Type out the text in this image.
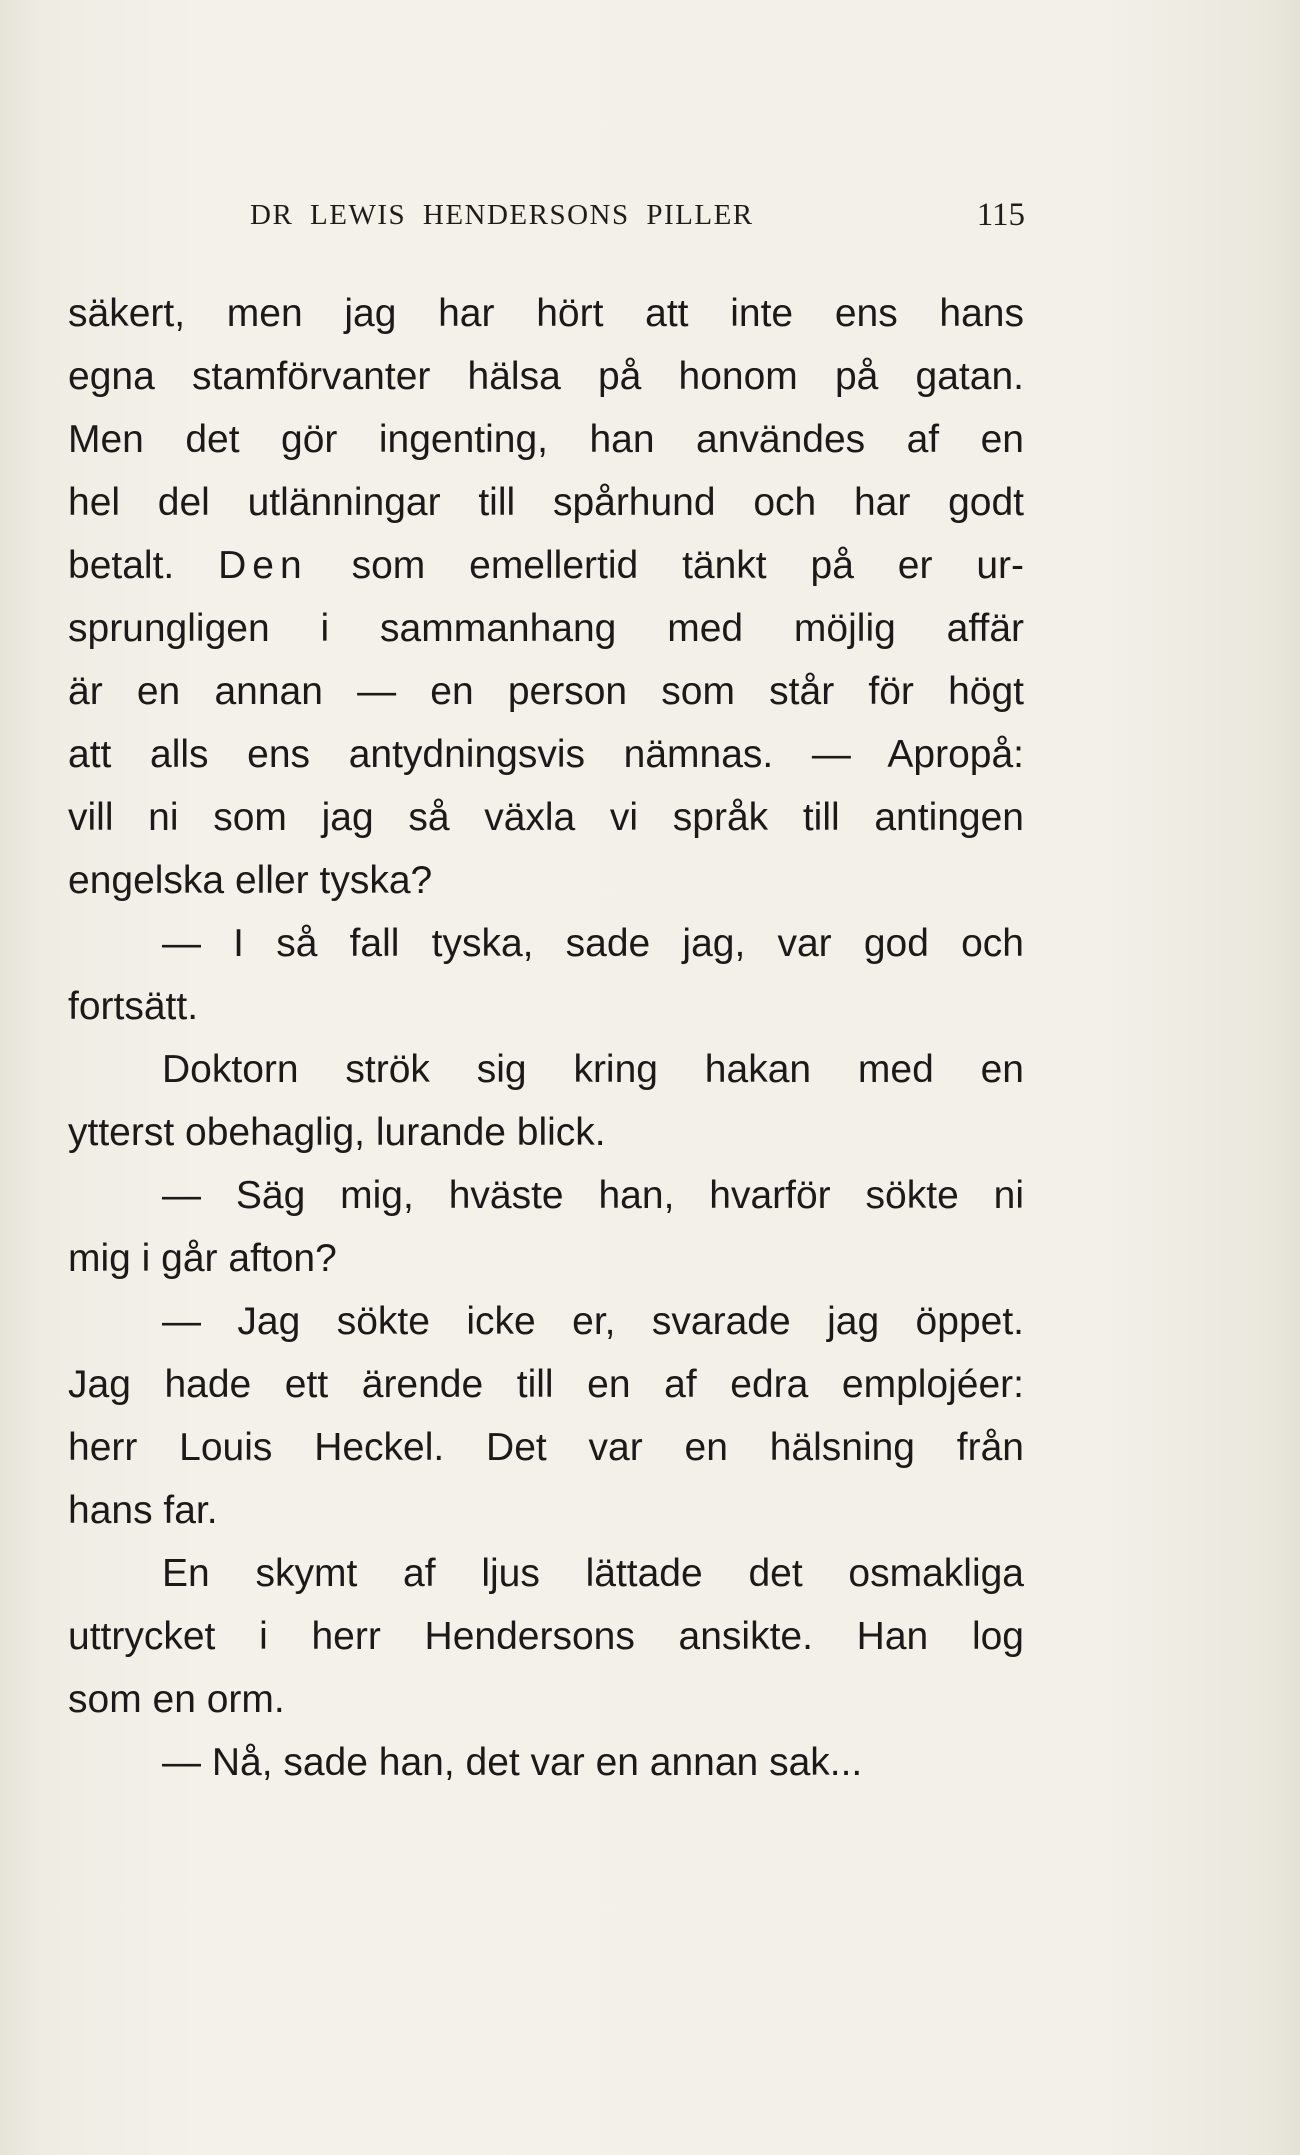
DR LEWIS HENDERSONS PILLER	115
säkert, men jag har hört att inte ens hans
egna stamförvanter hälsa på honom på gatan.
Men det gör ingenting, han användes af en
hel del utlänningar till spårhund och har godt
betalt. Den som emellertid tänkt på er ur-
sprungligen i sammanhang med möjlig affär
är en annan — en person som står för högt
att alls ens antydningsvis nämnas. — Apropå:
vill ni som jag så växla vi språk till antingen
engelska eller tyska?
— I så fall tyska, sade jag, var god och
fortsätt.
Doktorn strök sig kring hakan med en
ytterst obehaglig, lurande blick.
— Säg mig, hväste han, hvarför sökte ni
mig i går afton?
— Jag sökte icke er, svarade jag öppet.
Jag hade ett ärende till en af edra emplojéer:
herr Louis Heckel. Det var en hälsning från
hans far.
En skymt af ljus lättade det osmakliga
uttrycket i herr Hendersons ansikte. Han log
som en orm.
— Nå, sade han, det var en annan sak...
